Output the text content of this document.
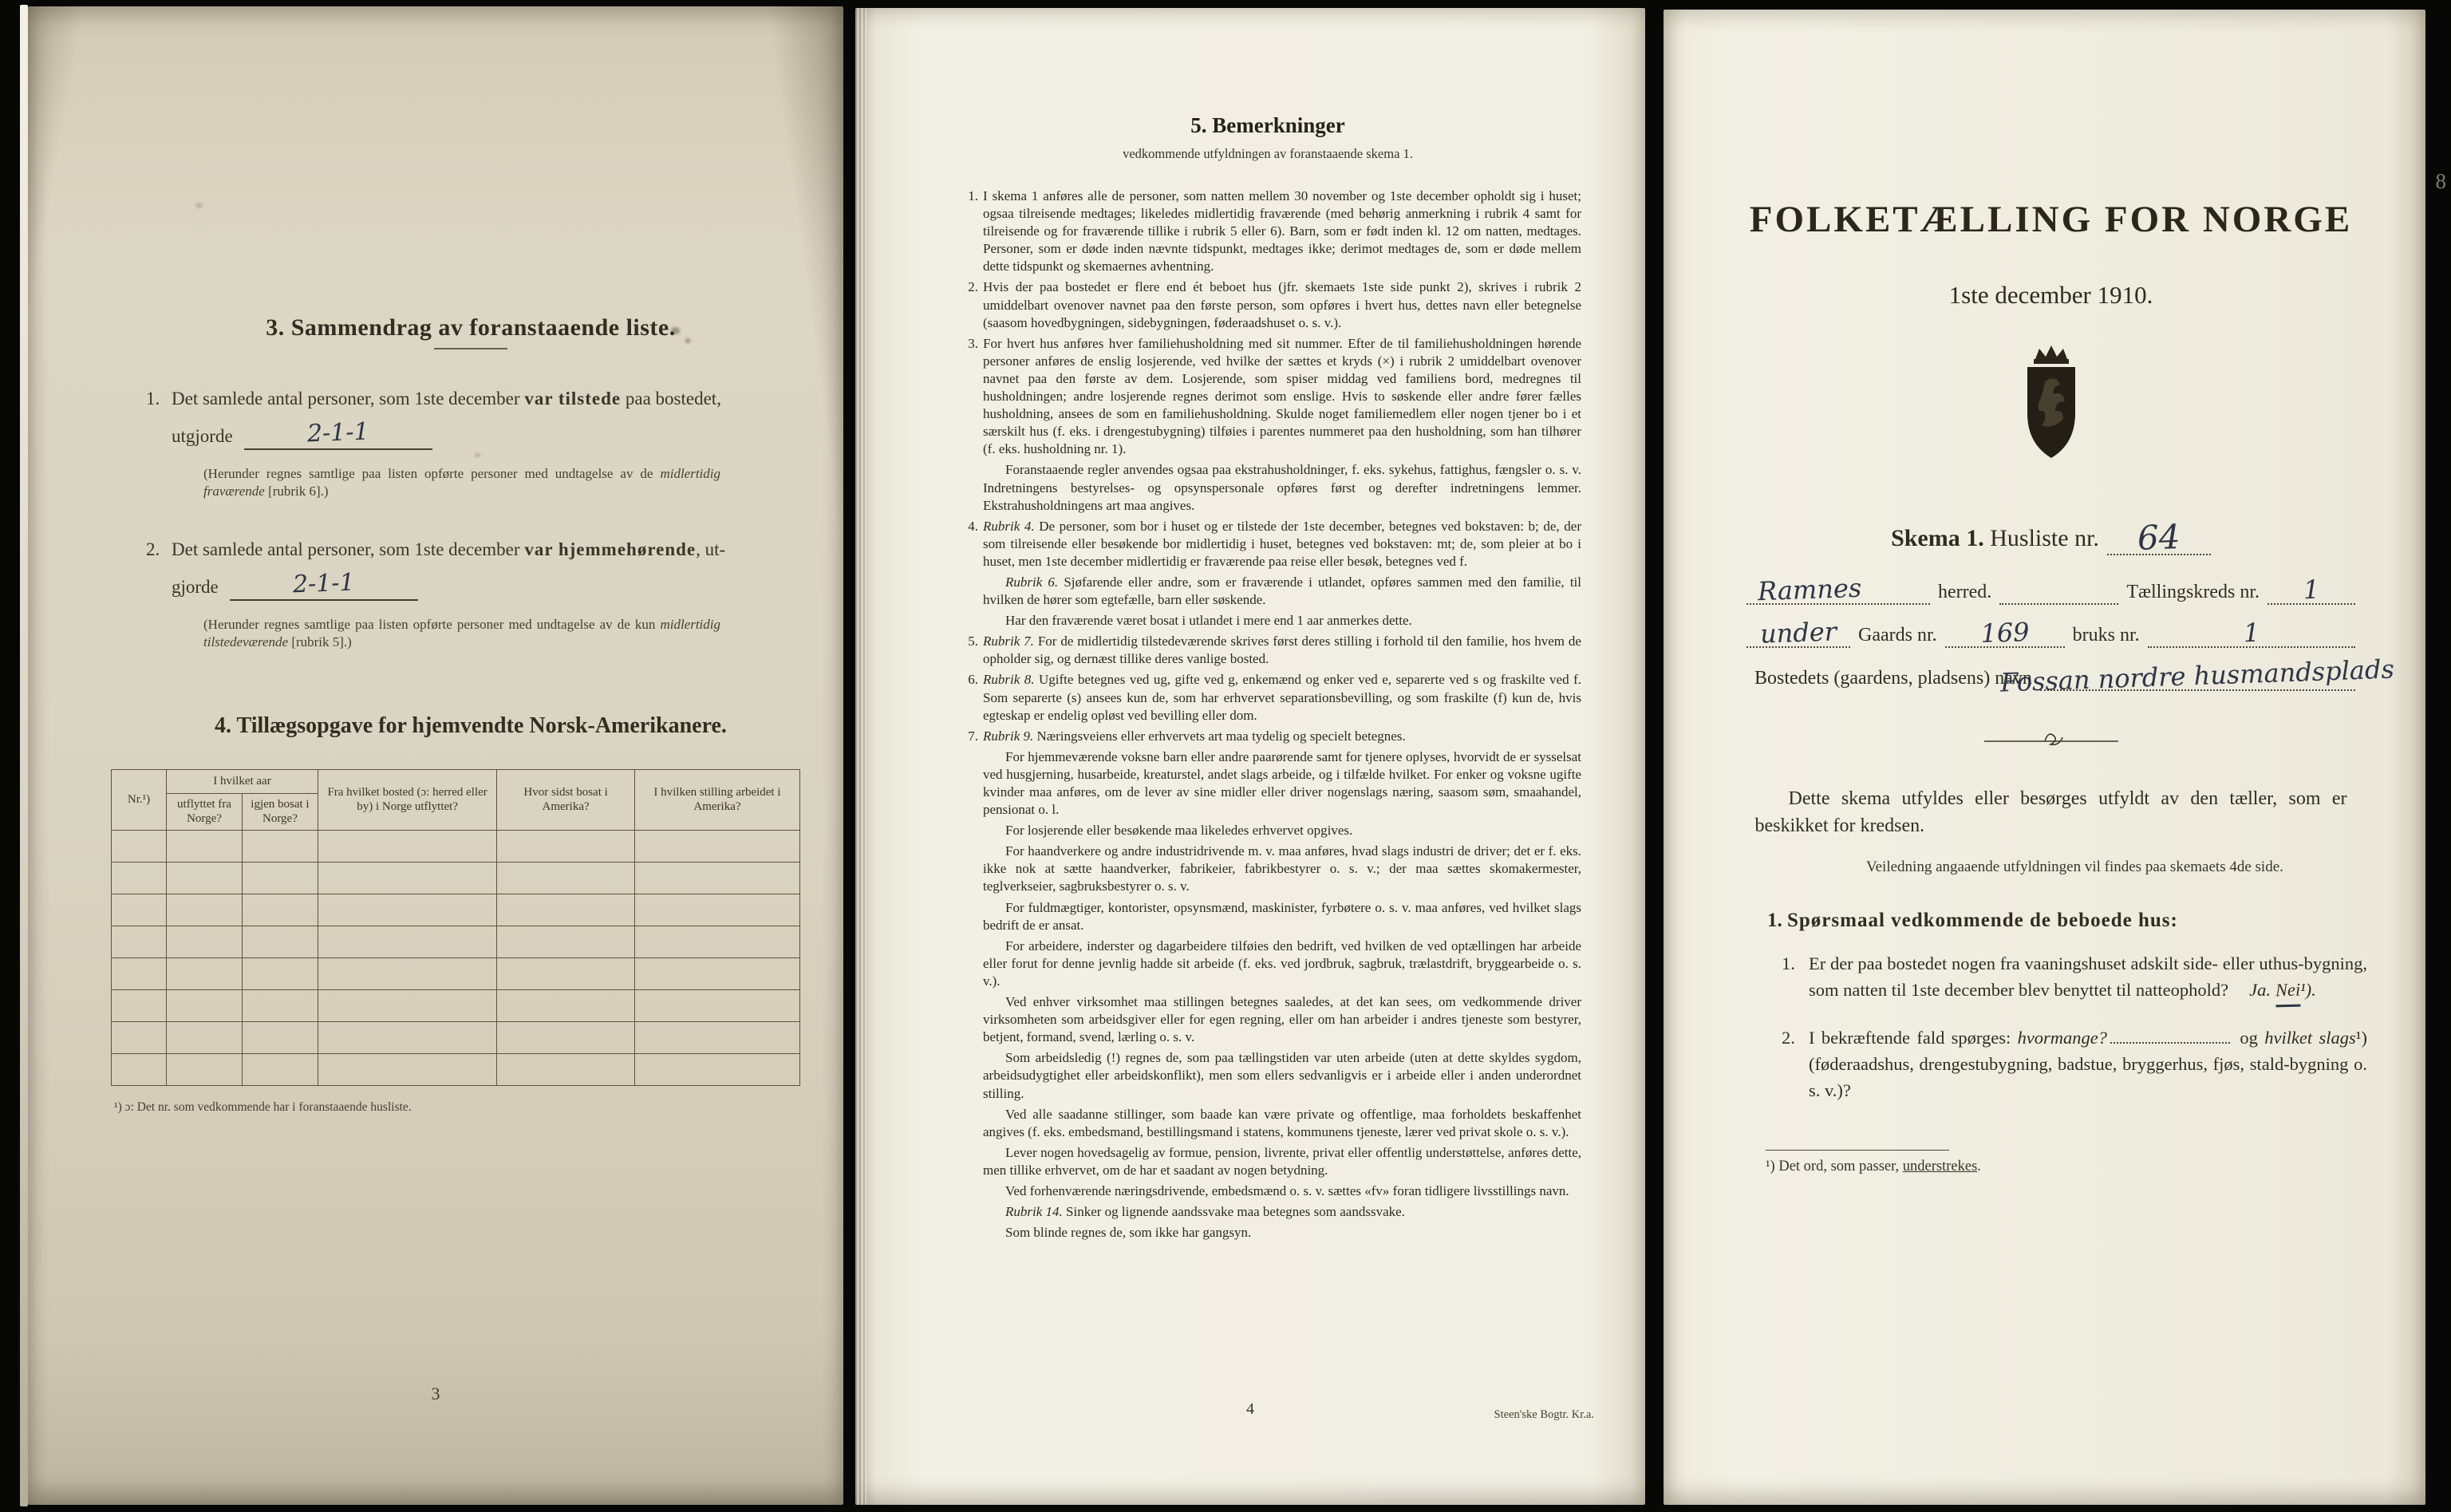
8
3. Sammendrag av foranstaaende liste.
1. Det samlede antal personer, som 1ste december var tilstede paa bostedet,
utgjorde	2-1-1
(Herunder regnes samtlige paa listen opførte personer med undtagelse av de midlertidig fraværende [rubrik 6].)
2. Det samlede antal personer, som 1ste december var hjemmehørende, ut-
gjorde	2-1-1
(Herunder regnes samtlige paa listen opførte personer med undtagelse av de kun midlertidig tilstedeværende [rubrik 5].)
4. Tillægsopgave for hjemvendte Norsk-Amerikanere.
Nr.¹)	I hvilket aar		Fra hvilket bosted (ɔ: herred eller by) i Norge utflyttet?	Hvor sidst bosat i Amerika?	I hvilken stilling arbeidet i Amerika?
	utflyttet fra Norge?	igjen bosat i Norge?			

¹) ɔ: Det nr. som vedkommende har i foranstaaende husliste.
3
5. Bemerkninger
vedkommende utfyldningen av foranstaaende skema 1.

1. I skema 1 anføres alle de personer, som natten mellem 30 november og 1ste december opholdt sig i huset; ogsaa tilreisende medtages; likeledes midlertidig fraværende (med behørig anmerkning i rubrik 4 samt for tilreisende og for fraværende tillike i rubrik 5 eller 6). Barn, som er født inden kl. 12 om natten, medtages. Personer, som er døde inden nævnte tidspunkt, medtages ikke; derimot medtages de, som er døde mellem dette tidspunkt og skemaernes avhentning.

2. Hvis der paa bostedet er flere end ét beboet hus (jfr. skemaets 1ste side punkt 2), skrives i rubrik 2 umiddelbart ovenover navnet paa den første person, som opføres i hvert hus, dettes navn eller betegnelse (saasom hovedbygningen, sidebygningen, føderaadshuset o. s. v.).

3. For hvert hus anføres hver familiehusholdning med sit nummer. Efter de til familiehusholdningen hørende personer anføres de enslig losjerende, ved hvilke der sættes et kryds (×) i rubrik 2 umiddelbart ovenover navnet paa den første av dem. Losjerende, som spiser middag ved familiens bord, medregnes til husholdningen; andre losjerende regnes derimot som enslige. Hvis to søskende eller andre fører fælles husholdning, ansees de som en familiehusholdning. Skulde noget familiemedlem eller nogen tjener bo i et særskilt hus (f. eks. i drengestubygning) tilføies i parentes nummeret paa den husholdning, som han tilhører (f. eks. husholdning nr. 1).

Foranstaaende regler anvendes ogsaa paa ekstrahusholdninger, f. eks. sykehus, fattighus, fængsler o. s. v. Indretningens bestyrelses- og opsynspersonale opføres først og derefter indretningens lemmer. Ekstrahusholdningens art maa angives.

4. Rubrik 4. De personer, som bor i huset og er tilstede der 1ste december, betegnes ved bokstaven: b; de, der som tilreisende eller besøkende bor midlertidig i huset, betegnes ved bokstaven: mt; de, som pleier at bo i huset, men 1ste december midlertidig er fraværende paa reise eller besøk, betegnes ved f.

Rubrik 6. Sjøfarende eller andre, som er fraværende i utlandet, opføres sammen med den familie, til hvilken de hører som egtefælle, barn eller søskende.

Har den fraværende været bosat i utlandet i mere end 1 aar anmerkes dette.

5. Rubrik 7. For de midlertidig tilstedeværende skrives først deres stilling i forhold til den familie, hos hvem de opholder sig, og dernæst tillike deres vanlige bosted.

6. Rubrik 8. Ugifte betegnes ved ug, gifte ved g, enkemænd og enker ved e, separerte ved s og fraskilte ved f. Som separerte (s) ansees kun de, som har erhvervet separationsbevilling, og som fraskilte (f) kun de, hvis egteskap er endelig opløst ved bevilling eller dom.

7. Rubrik 9. Næringsveiens eller erhvervets art maa tydelig og specielt betegnes.

For hjemmeværende voksne barn eller andre paarørende samt for tjenere oplyses, hvorvidt de er sysselsat ved husgjerning, husarbeide, kreaturstel, andet slags arbeide, og i tilfælde hvilket. For enker og voksne ugifte kvinder maa anføres, om de lever av sine midler eller driver nogenslags næring, saasom søm, smaahandel, pensionat o. l.

For losjerende eller besøkende maa likeledes erhvervet opgives.

For haandverkere og andre industridrivende m. v. maa anføres, hvad slags industri de driver; det er f. eks. ikke nok at sætte haandverker, fabrikeier, fabrikbestyrer o. s. v.; der maa sættes skomakermester, teglverkseier, sagbruksbestyrer o. s. v.

For fuldmægtiger, kontorister, opsynsmænd, maskinister, fyrbøtere o. s. v. maa anføres, ved hvilket slags bedrift de er ansat.

For arbeidere, inderster og dagarbeidere tilføies den bedrift, ved hvilken de ved optællingen har arbeide eller forut for denne jevnlig hadde sit arbeide (f. eks. ved jordbruk, sagbruk, trælastdrift, bryggearbeide o. s. v.).

Ved enhver virksomhet maa stillingen betegnes saaledes, at det kan sees, om vedkommende driver virksomheten som arbeidsgiver eller for egen regning, eller om han arbeider i andres tjeneste som bestyrer, betjent, formand, svend, lærling o. s. v.

Som arbeidsledig (!) regnes de, som paa tællingstiden var uten arbeide (uten at dette skyldes sygdom, arbeidsudygtighet eller arbeidskonflikt), men som ellers sedvanligvis er i arbeide eller i anden underordnet stilling.

Ved alle saadanne stillinger, som baade kan være private og offentlige, maa forholdets beskaffenhet angives (f. eks. embedsmand, bestillingsmand i statens, kommunens tjeneste, lærer ved privat skole o. s. v.).

Lever nogen hovedsagelig av formue, pension, livrente, privat eller offentlig understøttelse, anføres dette, men tillike erhvervet, om de har et saadant av nogen betydning.

Ved forhenværende næringsdrivende, embedsmænd o. s. v. sættes «fv» foran tidligere livsstillings navn.

Rubrik 14. Sinker og lignende aandssvake maa betegnes som aandssvake.

Som blinde regnes de, som ikke har gangsyn.

4	Steen'ske Bogtr. Kr.a.
FOLKETÆLLING FOR NORGE
1ste december 1910.
Skema 1. Husliste nr. 64
Ramnes	herred.	Tællingskreds nr.	1
under	Gaards nr.	169	bruks nr.	1
Bostedets (gaardens, pladsens) navn
Fossan nordre husmandsplads

Dette skema utfyldes eller besørges utfyldt av den tæller, som er beskikket for kredsen.

Veiledning angaaende utfyldningen vil findes paa skemaets 4de side.

1. Spørsmaal vedkommende de beboede hus:
1. Er der paa bostedet nogen fra vaaningshuset adskilt side- eller uthus-bygning, som natten til 1ste december blev benyttet til natteophold? Ja. Nei¹).
2. I bekræftende fald spørges: hvormange?	og hvilket slags¹) (føderaadshus, drengestubygning, badstue, bryggerhus, fjøs, stald-bygning o. s. v.)?
¹) Det ord, som passer, understrekes.
